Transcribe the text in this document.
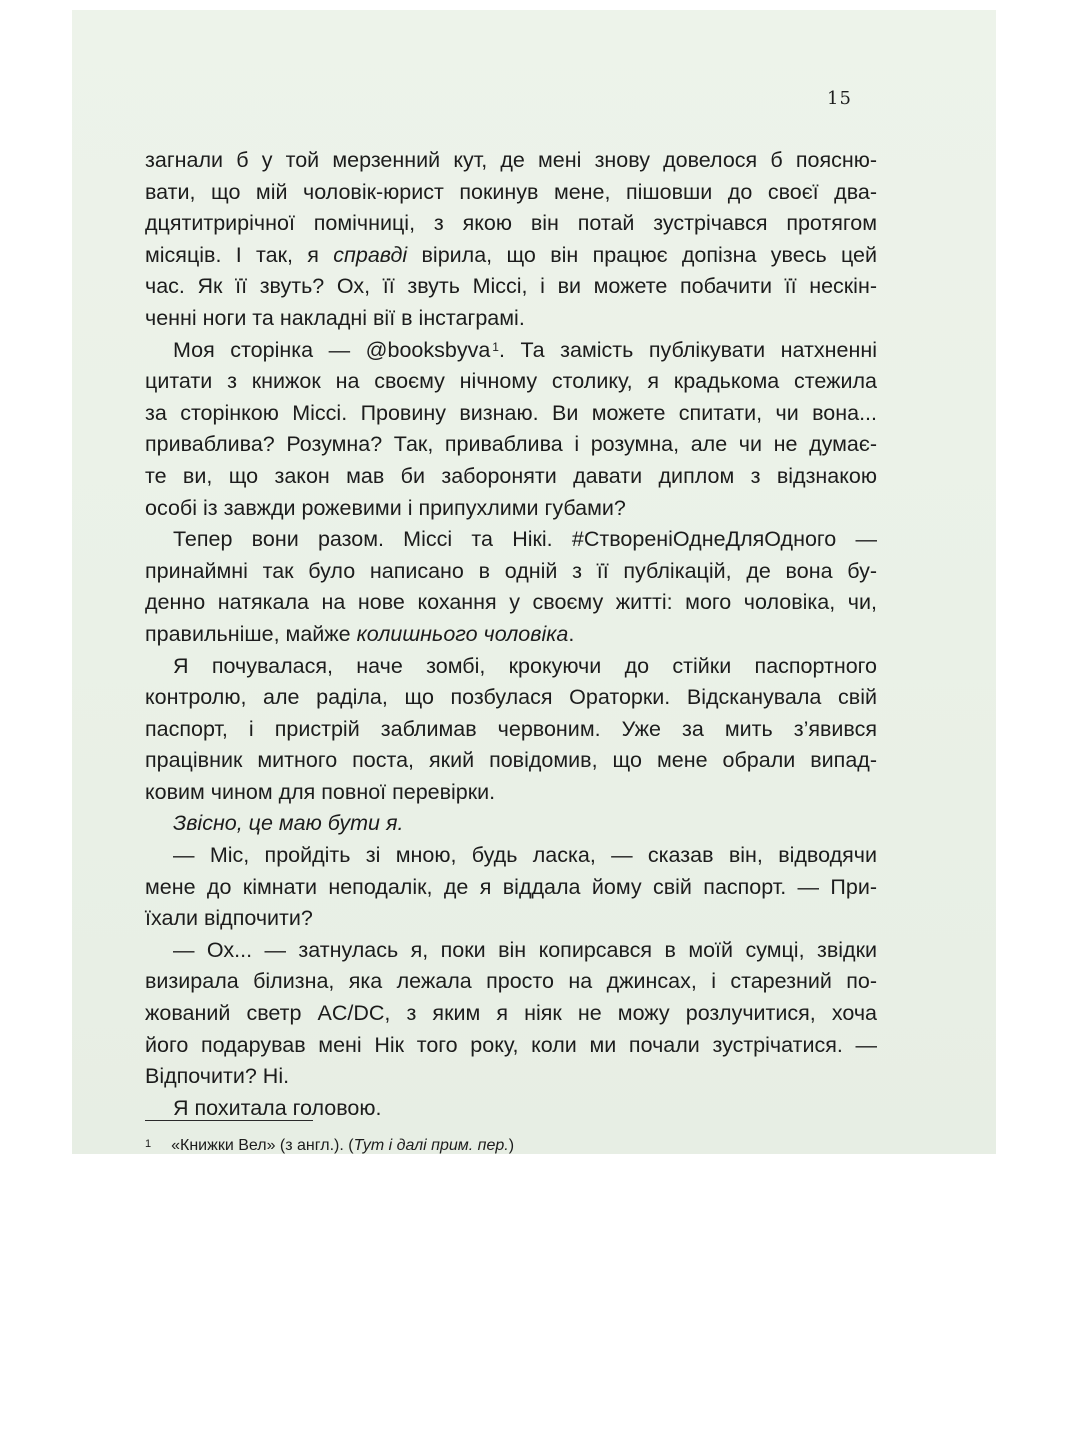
15

загнали б у той мерзенний кут, де мені знову довелося б поясню-
вати, що мій чоловік-юрист покинув мене, пішовши до своєї два-
дцятитрирічної помічниці, з якою він потай зустрічався протягом
місяців. І так, я справді вірила, що він працює допізна увесь цей
час. Як її звуть? Ох, її звуть Міссі, і ви можете побачити її нескін-
ченні ноги та накладні вії в інстаграмі.

Моя сторінка — @booksbyva $^1$. Та замість публікувати натхненні
цитати з книжок на своєму нічному столику, я крадькома стежила
за сторінкою Міссі. Провину визнаю. Ви можете спитати, чи вона...
приваблива? Розумна? Так, приваблива і розумна, але чи не думає-
те ви, що закон мав би забороняти давати диплом з відзнакою
особі із завжди рожевими і припухлими губами?

Тепер вони разом. Міссі та Нікі. #СтворенiОднеДляОдного —
принаймні так було написано в одній з її публікацій, де вона бу-
денно натякала на нове кохання у своєму житті: мого чоловіка, чи,
правильніше, майже колишнього чоловіка.

Я почувалася, наче зомбі, крокуючи до стійки паспортного
контролю, але раділа, що позбулася Ораторки. Відсканувала свій
паспорт, і пристрій заблимав червоним. Уже за мить з’явився
працівник митного поста, який повідомив, що мене обрали випад-
ковим чином для повної перевірки.

Звісно, це маю бути я.

— Міс, пройдіть зі мною, будь ласка, — сказав він, відводячи
мене до кімнати неподалік, де я віддала йому свій паспорт. — При-
їхали відпочити?

— Ох... — затнулась я, поки він копирсався в моїй сумці, звідки
визирала білизна, яка лежала просто на джинсах, і старезний по-
жований светр AC/DC, з яким я ніяк не можу розлучитися, хоча
його подарував мені Нік того року, коли ми почали зустрічатися. —
Відпочити? Ні.

Я похитала головою.

$^1$ «Книжки Вел» (з англ.). (Тут і далі прим. пер.)
